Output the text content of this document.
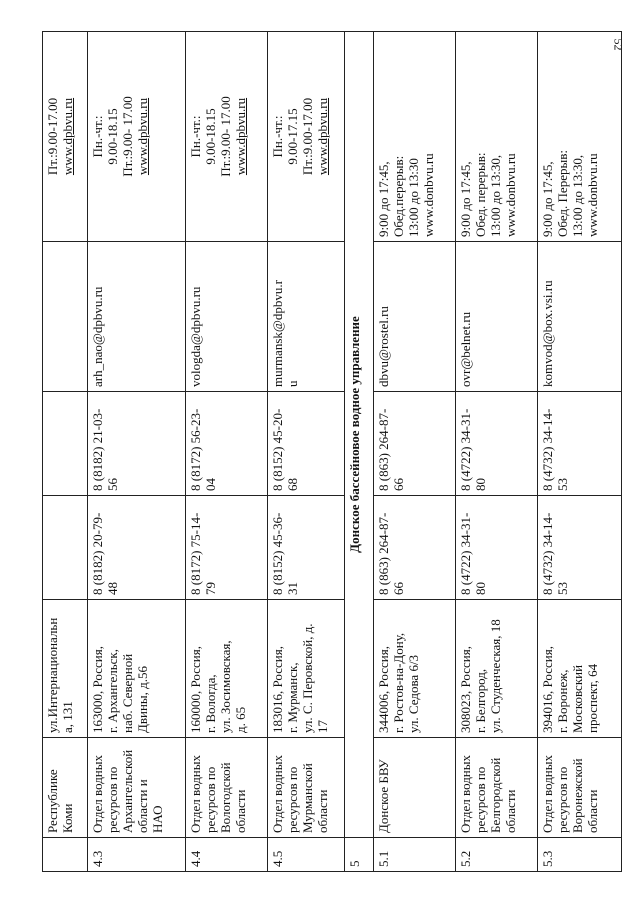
52
	Республике
Коми	ул.Интернациональн
а, 131				Пт.:9.00-17.00
www.dpbvu.ru
4.3	Отдел водных
ресурсов по
Архангельской
области и
НАО	163000, Россия,
г. Архангельск,
наб. Северной
Двины, д.56	8 (8182) 20-79-
48	8 (8182) 21-03-
56	arh_nao@dpbvu.ru	Пн.-чт.:
9.00-18.15
Пт.:9.00- 17.00
www.dpbvu.ru
4.4	Отдел водных
ресурсов по
Вологодской
области	160000, Россия,
г. Вологда,
ул. Зосимовская,
д. 65	8 (8172) 75-14-
79	8 (8172) 56-23-
04	vologda@dpbvu.ru	Пн.-чт.:
9.00-18.15
Пт.:9.00- 17.00
www.dpbvu.ru
4.5	Отдел водных
ресурсов по
Мурманской
области	183016, Россия,
г. Мурманск,
ул. С. Перовской, д.
17	8 (8152) 45-36-
31	8 (8152) 45-20-
68	murmansk@dpbvu.r
u	Пн.-чт.:
9.00-17.15
Пт.:9.00-17.00
www.dpbvu.ru
5	Донское бассейновое водное управление					
5.1	Донское БВУ	344006, Россия,
г. Ростов-на-Дону,
ул. Седова 6/3	8 (863) 264-87-
66	8 (863) 264-87-
66	dbvu@rostel.ru	9:00 до 17:45,
Обед.перерыв:
13:00 до 13:30
www.donbvu.ru
5.2	Отдел водных
ресурсов по
Белгородской
области	308023, Россия,
г. Белгород,
ул. Студенческая, 18	8 (4722) 34-31-
80	8 (4722) 34-31-
80	ovr@belnet.ru	9:00 до 17:45,
Обед. перерыв:
13:00 до 13:30,
www.donbvu.ru
5.3	Отдел водных
ресурсов по
Воронежской
области	394016, Россия,
г. Воронеж,
Московский
проспект, 64	8 (4732) 34-14-
53	8 (4732) 34-14-
53	komvod@box.vsi.ru	9:00 до 17:45,
Обед. Перерыв:
13:00 до 13:30,
www.donbvu.ru
